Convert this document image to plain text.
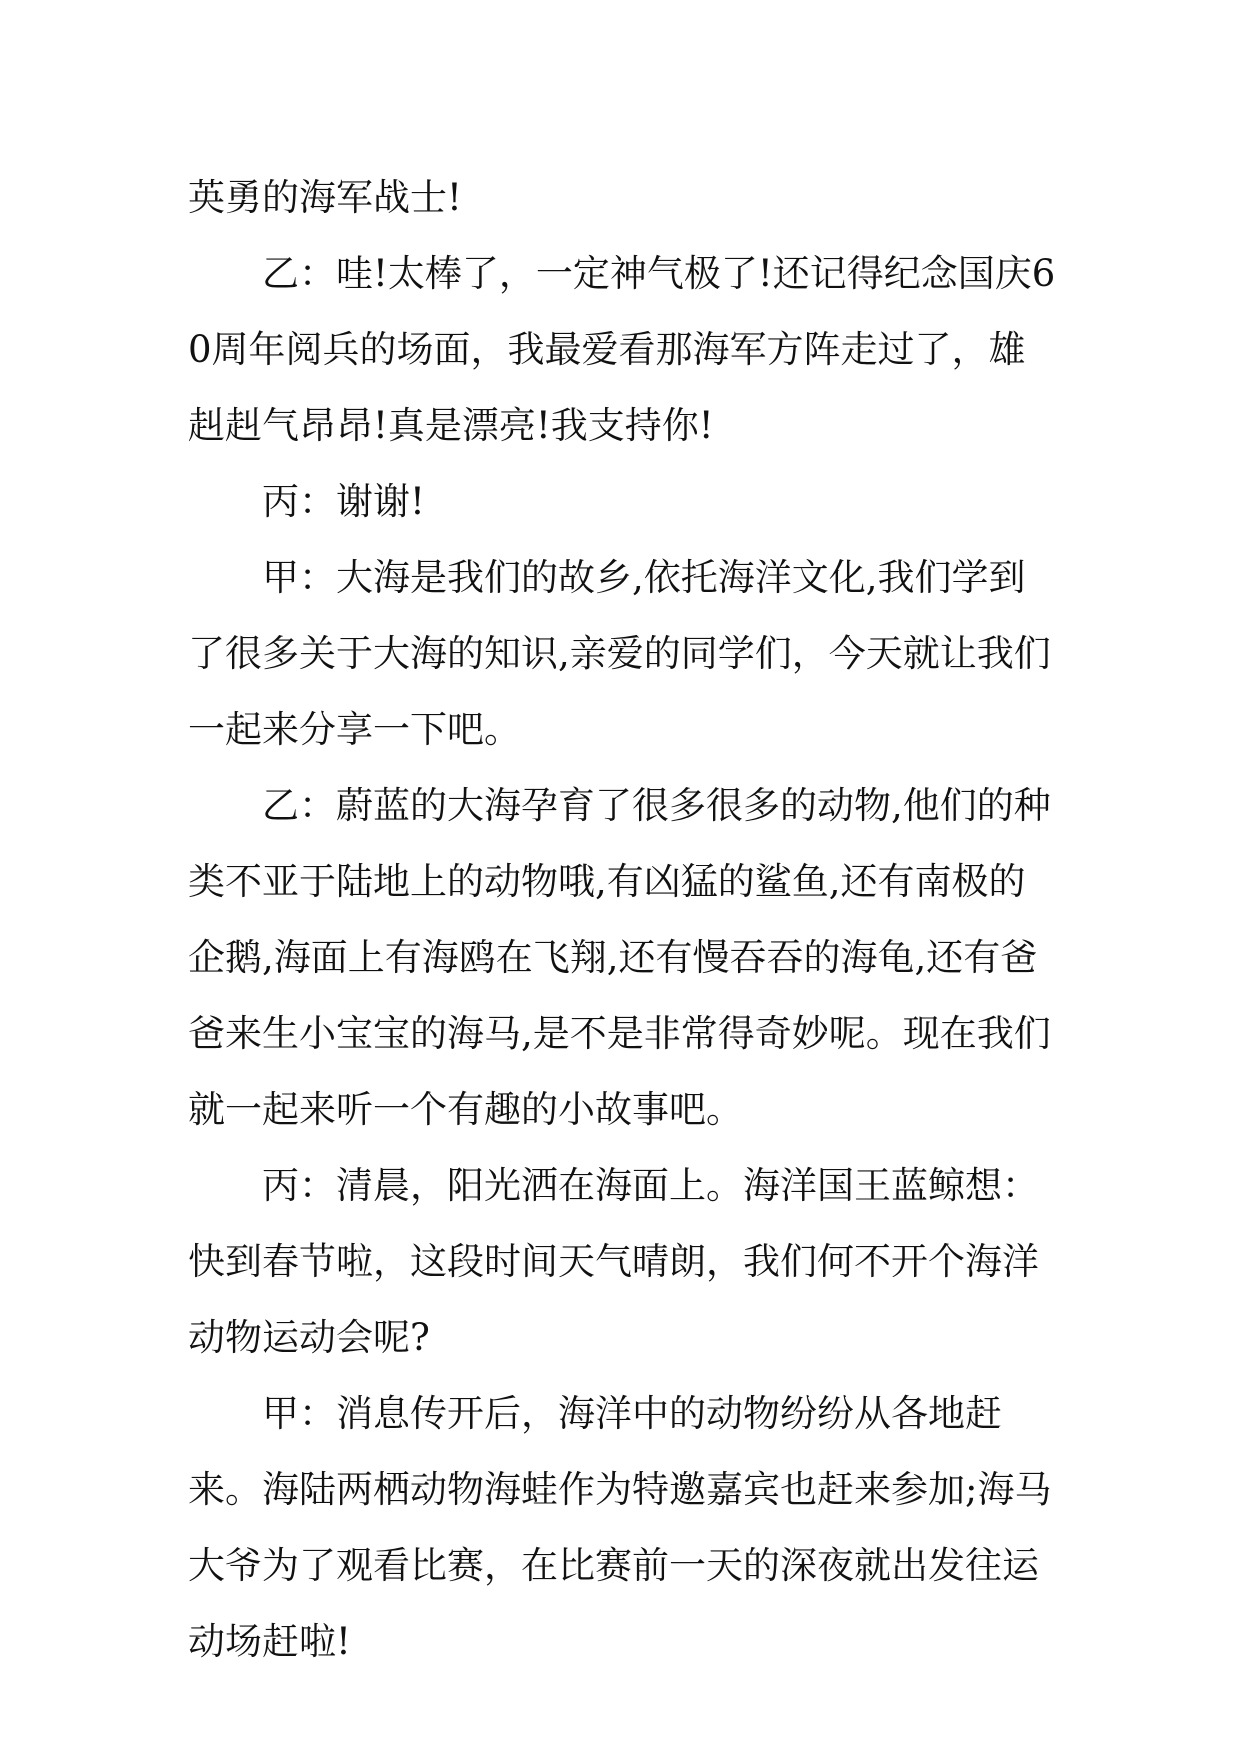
英勇的海军战士!

乙：哇!太棒了，一定神气极了!还记得纪念国庆60周年阅兵的场面，我最爱看那海军方阵走过了，雄赳赳气昂昂!真是漂亮!我支持你!

丙：谢谢!

甲：大海是我们的故乡,依托海洋文化,我们学到了很多关于大海的知识,亲爱的同学们，今天就让我们一起来分享一下吧。

乙：蔚蓝的大海孕育了很多很多的动物,他们的种类不亚于陆地上的动物哦,有凶猛的鲨鱼,还有南极的企鹅,海面上有海鸥在飞翔,还有慢吞吞的海龟,还有爸爸来生小宝宝的海马,是不是非常得奇妙呢。现在我们就一起来听一个有趣的小故事吧。

丙：清晨，阳光洒在海面上。海洋国王蓝鲸想：快到春节啦，这段时间天气晴朗，我们何不开个海洋动物运动会呢?

甲：消息传开后，海洋中的动物纷纷从各地赶来。海陆两栖动物海蛙作为特邀嘉宾也赶来参加;海马大爷为了观看比赛，在比赛前一天的深夜就出发往运动场赶啦!
